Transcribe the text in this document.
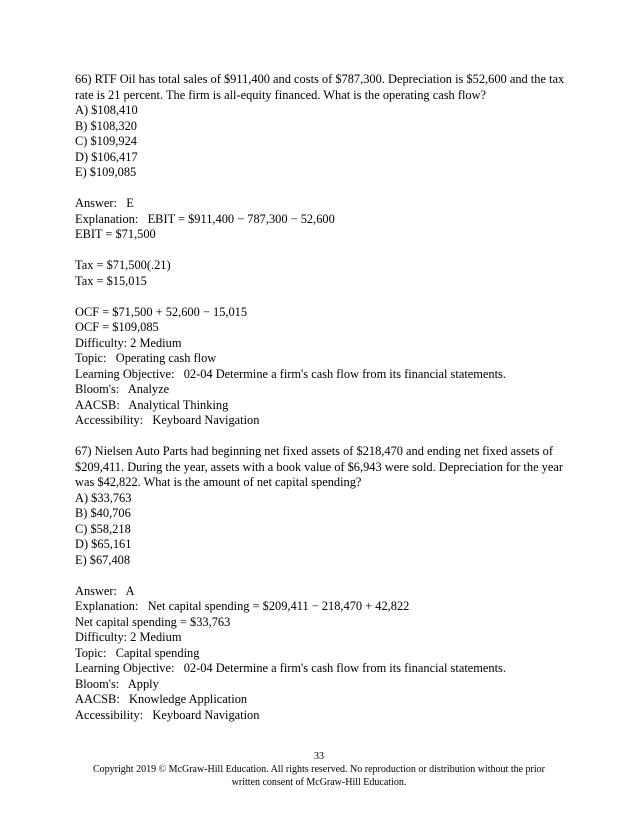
66) RTF Oil has total sales of $911,400 and costs of $787,300. Depreciation is $52,600 and the tax rate is 21 percent. The firm is all-equity financed. What is the operating cash flow?
A) $108,410
B) $108,320
C) $109,924
D) $106,417
E) $109,085
Answer:   E
Explanation:   EBIT = $911,400 − 787,300 − 52,600
EBIT = $71,500
Tax = $71,500(.21)
Tax = $15,015
OCF = $71,500 + 52,600 − 15,015
OCF = $109,085
Difficulty: 2 Medium
Topic:   Operating cash flow
Learning Objective:   02-04 Determine a firm's cash flow from its financial statements.
Bloom's:   Analyze
AACSB:   Analytical Thinking
Accessibility:   Keyboard Navigation
67) Nielsen Auto Parts had beginning net fixed assets of $218,470 and ending net fixed assets of $209,411. During the year, assets with a book value of $6,943 were sold. Depreciation for the year was $42,822. What is the amount of net capital spending?
A) $33,763
B) $40,706
C) $58,218
D) $65,161
E) $67,408
Answer:   A
Explanation:   Net capital spending = $209,411 − 218,470 + 42,822
Net capital spending = $33,763
Difficulty: 2 Medium
Topic:   Capital spending
Learning Objective:   02-04 Determine a firm's cash flow from its financial statements.
Bloom's:   Apply
AACSB:   Knowledge Application
Accessibility:   Keyboard Navigation
33
Copyright 2019 © McGraw-Hill Education. All rights reserved. No reproduction or distribution without the prior
written consent of McGraw-Hill Education.
